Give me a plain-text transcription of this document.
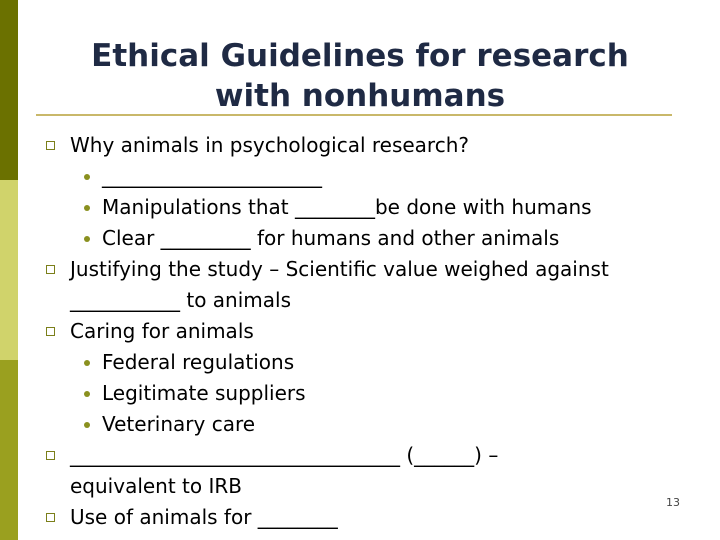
Ethical Guidelines for research
with nonhumans
Why animals in psychological research?
______________________
Manipulations that ________be done with humans
Clear _________ for humans and other animals
Justifying the study – Scientific value weighed against
___________ to animals
Caring for animals
Federal regulations
Legitimate suppliers
Veterinary care
_________________________________ (______) –
equivalent to IRB
Use of animals for ________
13
